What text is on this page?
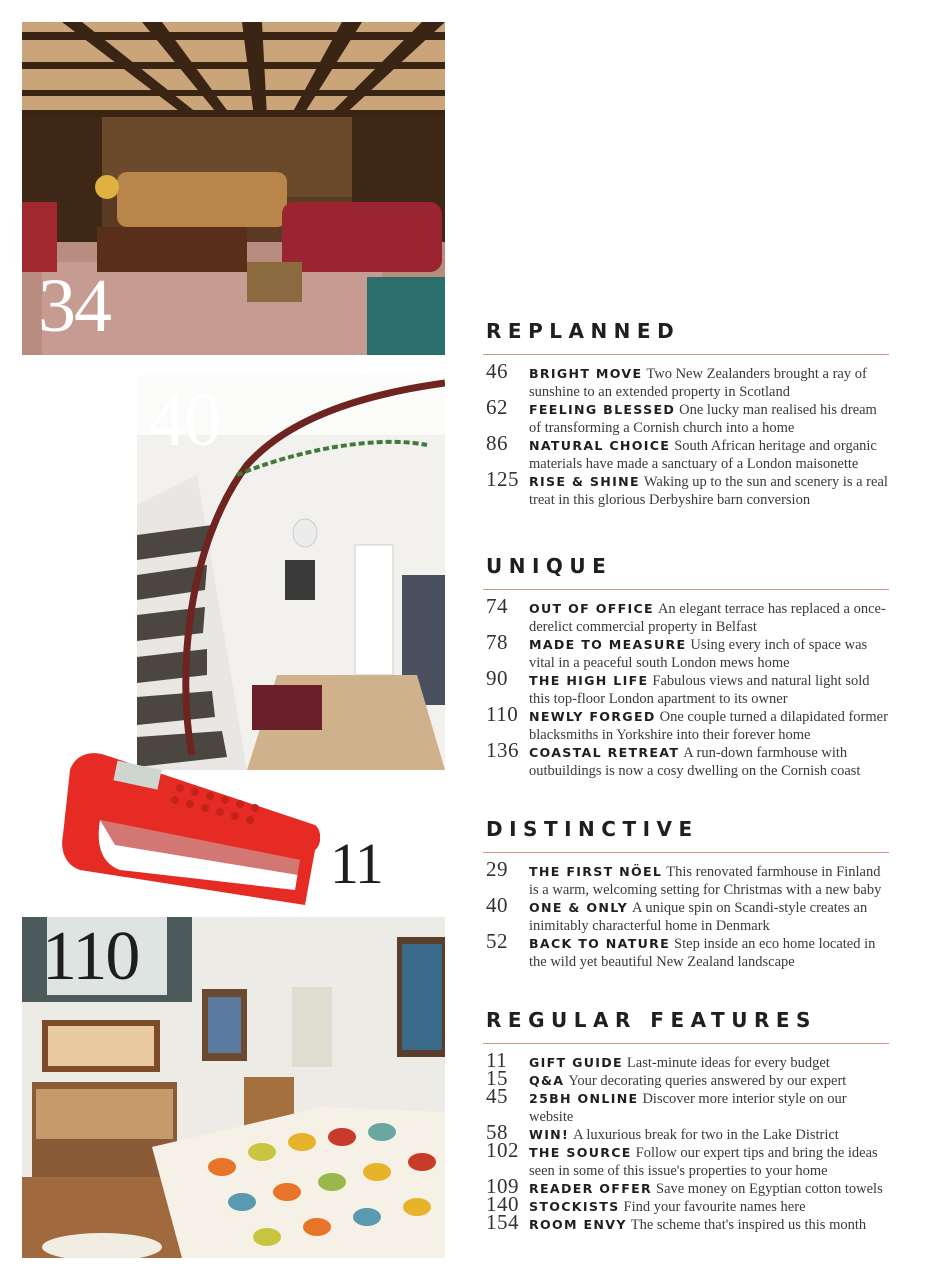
34
40
11
110
REPLANNED
46 BRIGHT MOVE Two New Zealanders brought a ray of sunshine to an extended property in Scotland
62 FEELING BLESSED One lucky man realised his dream of transforming a Cornish church into a home
86 NATURAL CHOICE South African heritage and organic materials have made a sanctuary of a London maisonette
125 RISE & SHINE Waking up to the sun and scenery is a real treat in this glorious Derbyshire barn conversion
UNIQUE
74 OUT OF OFFICE An elegant terrace has replaced a once-derelict commercial property in Belfast
78 MADE TO MEASURE Using every inch of space was vital in a peaceful south London mews home
90 THE HIGH LIFE Fabulous views and natural light sold this top-floor London apartment to its owner
110 NEWLY FORGED One couple turned a dilapidated former blacksmiths in Yorkshire into their forever home
136 COASTAL RETREAT A run-down farmhouse with outbuildings is now a cosy dwelling on the Cornish coast
DISTINCTIVE
29 THE FIRST NÖEL This renovated farmhouse in Finland is a warm, welcoming setting for Christmas with a new baby
40 ONE & ONLY A unique spin on Scandi-style creates an inimitably characterful home in Denmark
52 BACK TO NATURE Step inside an eco home located in the wild yet beautiful New Zealand landscape
REGULAR FEATURES
11 GIFT GUIDE Last-minute ideas for every budget
15 Q&A Your decorating queries answered by our expert
45 25BH ONLINE Discover more interior style on our website
58 WIN! A luxurious break for two in the Lake District
102 THE SOURCE Follow our expert tips and bring the ideas seen in some of this issue's properties to your home
109 READER OFFER Save money on Egyptian cotton towels
140 STOCKISTS Find your favourite names here
154 ROOM ENVY The scheme that's inspired us this month
